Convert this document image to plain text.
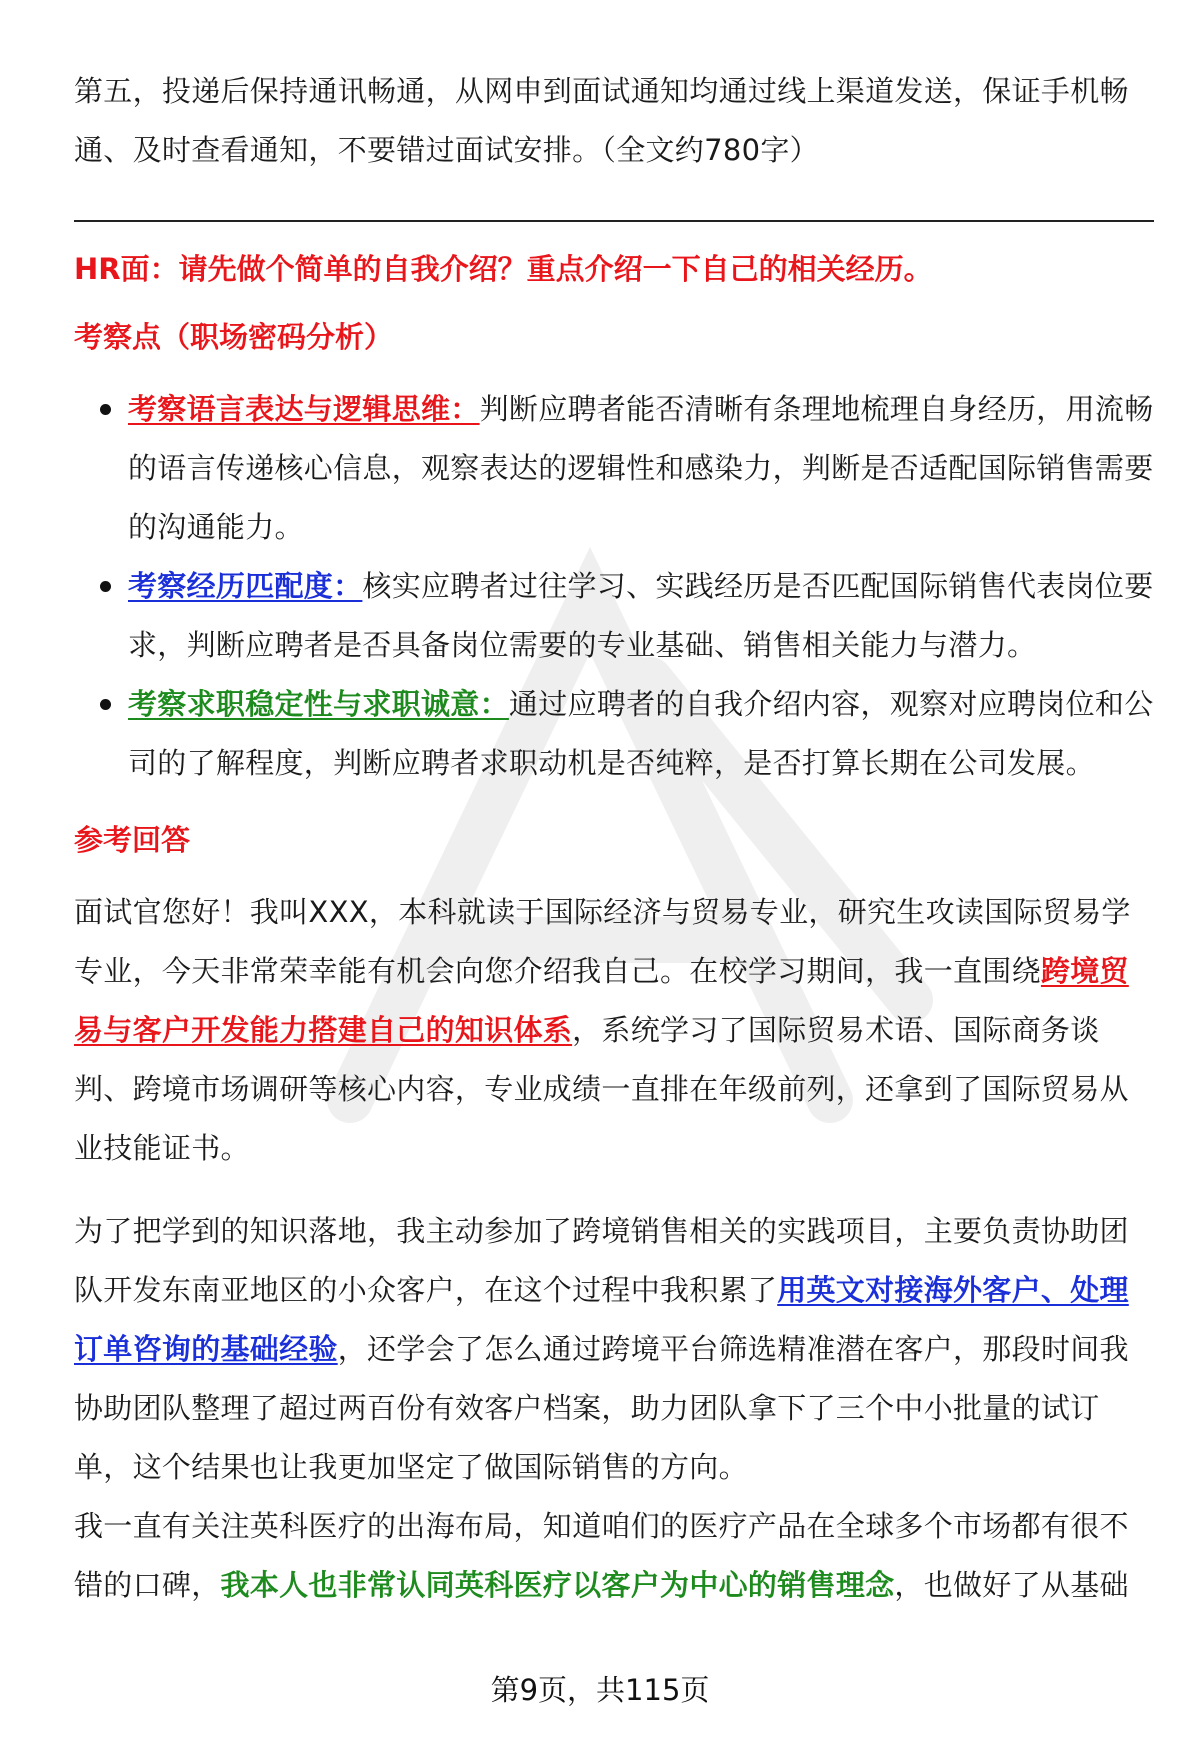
第五，投递后保持通讯畅通，从网申到面试通知均通过线上渠道发送，保证手机畅通、及时查看通知，不要错过面试安排。（全文约780字）

HR面：请先做个简单的自我介绍？重点介绍一下自己的相关经历。
考察点（职场密码分析）
考察语言表达与逻辑思维：判断应聘者能否清晰有条理地梳理自身经历，用流畅的语言传递核心信息，观察表达的逻辑性和感染力，判断是否适配国际销售需要的沟通能力。
考察经历匹配度：核实应聘者过往学习、实践经历是否匹配国际销售代表岗位要求，判断应聘者是否具备岗位需要的专业基础、销售相关能力与潜力。
考察求职稳定性与求职诚意：通过应聘者的自我介绍内容，观察对应聘岗位和公司的了解程度，判断应聘者求职动机是否纯粹，是否打算长期在公司发展。
参考回答

面试官您好！我叫XXX，本科就读于国际经济与贸易专业，研究生攻读国际贸易学专业，今天非常荣幸能有机会向您介绍我自己。在校学习期间，我一直围绕跨境贸易与客户开发能力搭建自己的知识体系，系统学习了国际贸易术语、国际商务谈判、跨境市场调研等核心内容，专业成绩一直排在年级前列，还拿到了国际贸易从业技能证书。

为了把学到的知识落地，我主动参加了跨境销售相关的实践项目，主要负责协助团队开发东南亚地区的小众客户，在这个过程中我积累了用英文对接海外客户、处理订单咨询的基础经验，还学会了怎么通过跨境平台筛选精准潜在客户，那段时间我协助团队整理了超过两百份有效客户档案，助力团队拿下了三个中小批量的试订单，这个结果也让我更加坚定了做国际销售的方向。

我一直有关注英科医疗的出海布局，知道咱们的医疗产品在全球多个市场都有很不错的口碑，我本人也非常认同英科医疗以客户为中心的销售理念，也做好了从基础

第9页，共115页
